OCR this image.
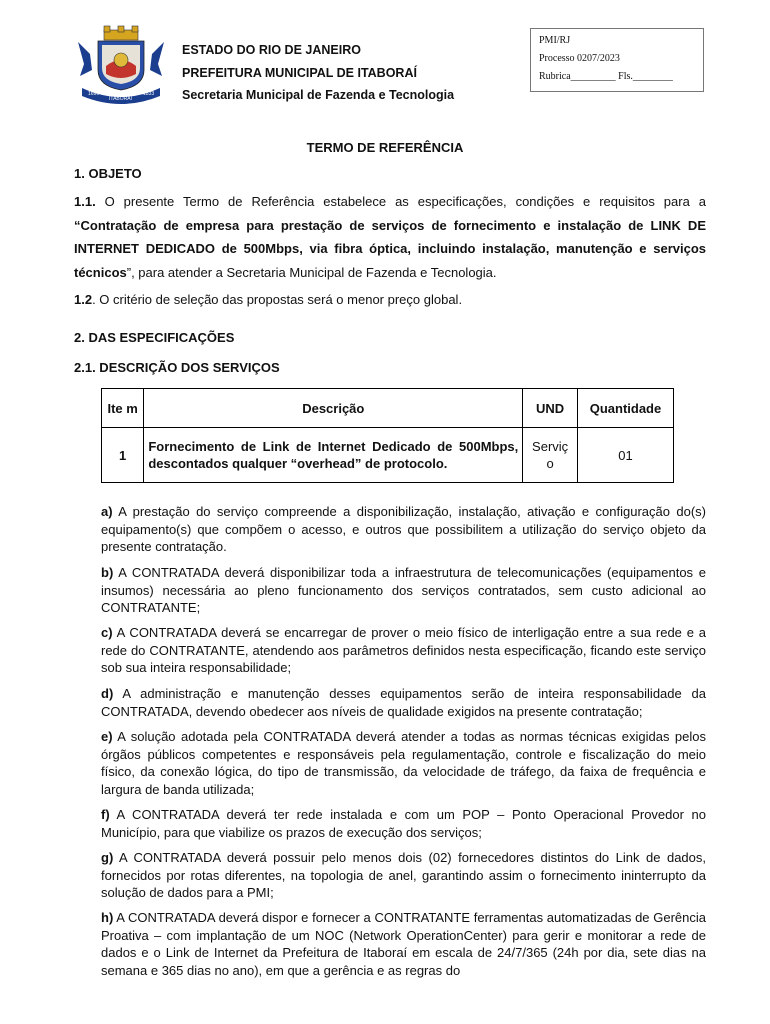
1696
ITABORAÍ
1833
ESTADO DO RIO DE JANEIRO
PREFEITURA MUNICIPAL DE ITABORAÍ
Secretaria Municipal de Fazenda e Tecnologia
PMI/RJ
Processo 0207/2023
Rubrica_________ Fls.________
TERMO DE REFERÊNCIA
1. OBJETO
1.1. O presente Termo de Referência estabelece as especificações, condições e requisitos para a “Contratação de empresa para prestação de serviços de fornecimento e instalação de LINK DE INTERNET DEDICADO de 500Mbps, via fibra óptica, incluindo instalação, manutenção e serviços técnicos”, para atender a Secretaria Municipal de Fazenda e Tecnologia.
1.2. O critério de seleção das propostas será o menor preço global.
2. DAS ESPECIFICAÇÕES
2.1. DESCRIÇÃO DOS SERVIÇOS
Ite m	Descrição	UND	Quantidade
1	Fornecimento de Link de Internet Dedicado de 500Mbps, descontados qualquer “overhead” de protocolo.	Serviç o	01
a) A prestação do serviço compreende a disponibilização, instalação, ativação e configuração do(s) equipamento(s) que compõem o acesso, e outros que possibilitem a utilização do serviço objeto da presente contratação.
b) A CONTRATADA deverá disponibilizar toda a infraestrutura de telecomunicações (equipamentos e insumos) necessária ao pleno funcionamento dos serviços contratados, sem custo adicional ao CONTRATANTE;
c) A CONTRATADA deverá se encarregar de prover o meio físico de interligação entre a sua rede e a rede do CONTRATANTE, atendendo aos parâmetros definidos nesta especificação, ficando este serviço sob sua inteira responsabilidade;
d) A administração e manutenção desses equipamentos serão de inteira responsabilidade da CONTRATADA, devendo obedecer aos níveis de qualidade exigidos na presente contratação;
e) A solução adotada pela CONTRATADA deverá atender a todas as normas técnicas exigidas pelos órgãos públicos competentes e responsáveis pela regulamentação, controle e fiscalização do meio físico, da conexão lógica, do tipo de transmissão, da velocidade de tráfego, da faixa de frequência e largura de banda utilizada;
f) A CONTRATADA deverá ter rede instalada e com um POP – Ponto Operacional Provedor no Município, para que viabilize os prazos de execução dos serviços;
g) A CONTRATADA deverá possuir pelo menos dois (02) fornecedores distintos do Link de dados, fornecidos por rotas diferentes, na topologia de anel, garantindo assim o fornecimento ininterrupto da solução de dados para a PMI;
h) A CONTRATADA deverá dispor e fornecer a CONTRATANTE ferramentas automatizadas de Gerência Proativa – com implantação de um NOC (Network OperationCenter) para gerir e monitorar a rede de dados e o Link de Internet da Prefeitura de Itaboraí em escala de 24/7/365 (24h por dia, sete dias na semana e 365 dias no ano), em que a gerência e as regras do
